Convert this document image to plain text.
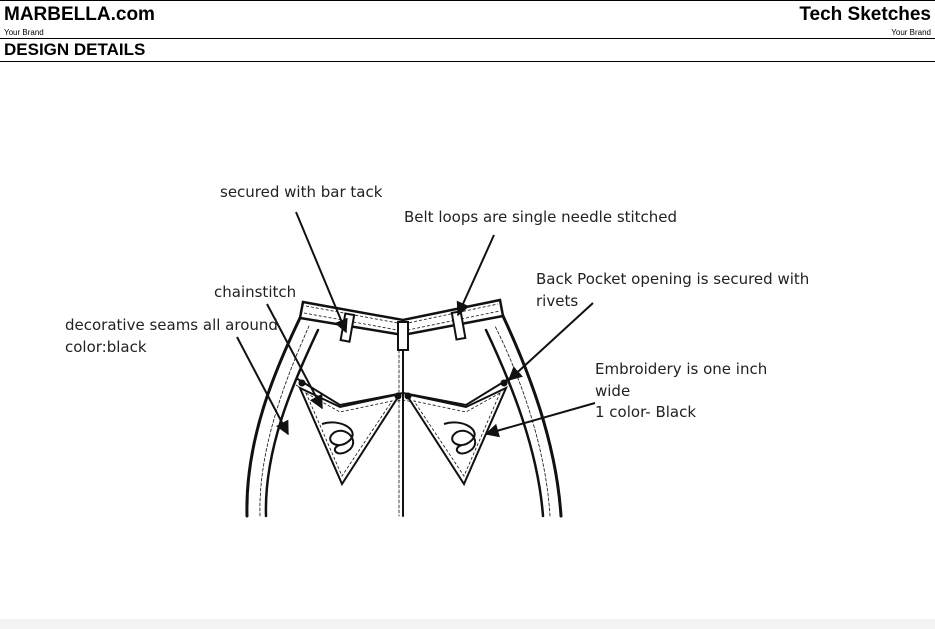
MARBELLA.com
Your Brand
Tech Sketches
Your Brand
DESIGN DETAILS
secured with bar tack
Belt loops are single needle stitched
chainstitch
Back Pocket opening is secured with
rivets
decorative seams all around
color:black
Embroidery is one inch
wide
1 color- Black
